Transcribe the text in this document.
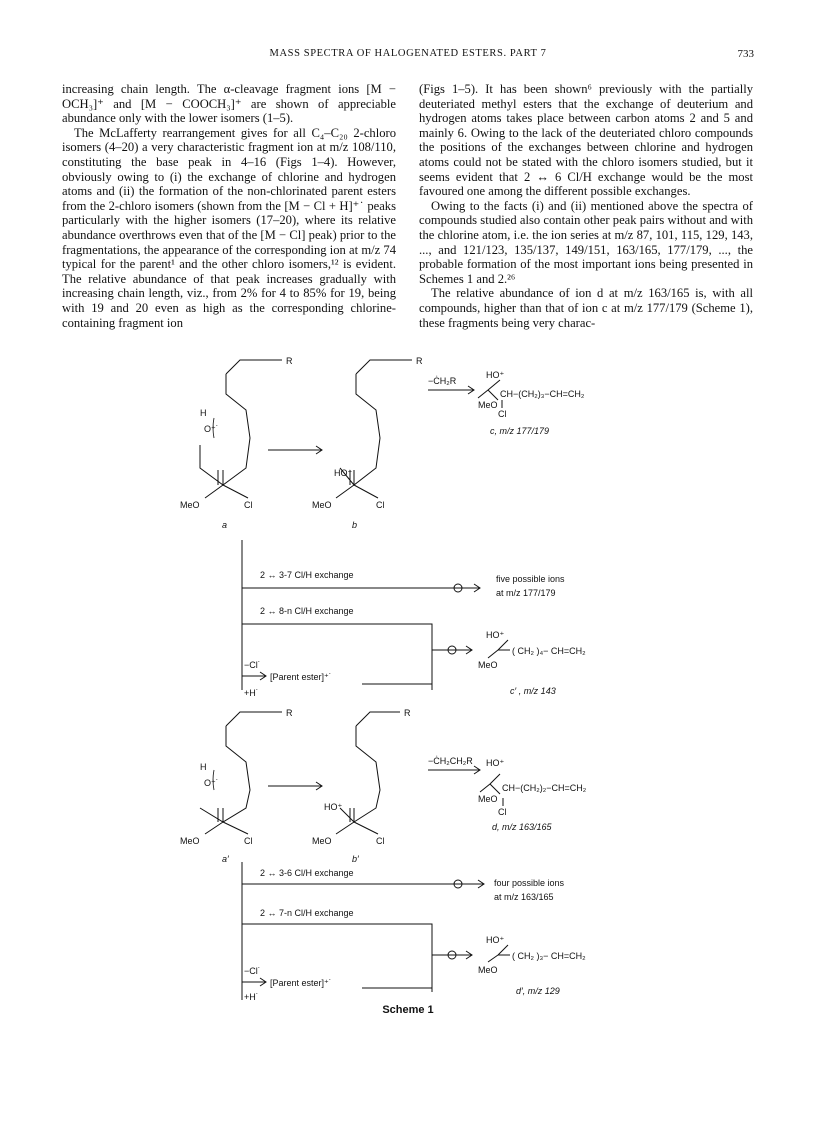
MASS SPECTRA OF HALOGENATED ESTERS. PART 7	733

increasing chain length. The α-cleavage fragment ions [M − OCH₃]⁺ and [M − COOCH₃]⁺ are shown of appreciable abundance only with the lower isomers (1–5).

The McLafferty rearrangement gives for all C₄–C₂₀ 2-chloro isomers (4–20) a very characteristic fragment ion at m/z 108/110, constituting the base peak in 4–16 (Figs 1–4). However, obviously owing to (i) the exchange of chlorine and hydrogen atoms and (ii) the formation of the non-chlorinated parent esters from the 2-chloro isomers (shown from the [M − Cl + H]⁺˙ peaks particularly with the higher isomers (17–20), where its relative abundance overthrows even that of the [M − Cl] peak) prior to the fragmentations, the appearance of the corresponding ion at m/z 74 typical for the parent¹ and the other chloro isomers,¹² is evident. The relative abundance of that peak increases gradually with increasing chain length, viz., from 2% for 4 to 85% for 19, being with 19 and 20 even as high as the corresponding chlorine-containing fragment ion

(Figs 1–5). It has been shown⁶ previously with the partially deuteriated methyl esters that the exchange of deuterium and hydrogen atoms takes place between carbon atoms 2 and 5 and mainly 6. Owing to the lack of the deuteriated chloro compounds the positions of the exchanges between chlorine and hydrogen atoms could not be stated with the chloro isomers studied, but it seems evident that 2 ↔ 6 Cl/H exchange would be the most favoured one among the different possible exchanges.

Owing to the facts (i) and (ii) mentioned above the spectra of compounds studied also contain other peak pairs without and with the chlorine atom, i.e. the ion series at m/z 87, 101, 115, 129, 143, ..., and 121/123, 135/137, 149/151, 163/165, 177/179, ..., the probable formation of the most important ions being presented in Schemes 1 and 2.²⁶

The relative abundance of ion d at m/z 163/165 is, with all compounds, higher than that of ion c at m/z 177/179 (Scheme 1), these fragments being very charac-

R
H
O⁺˙
MeO	Cl
a
R
HO⁺
MeO	Cl
b
−ĊH₂R
HO⁺
CH−(CH₂)₃−CH=CH₂
MeO
Cl
c, m/z 177/179
2 ↔ 3-7 Cl/H exchange	five possible ions
at m/z 177/179
2 ↔ 8-n Cl/H exchange
HO⁺
( CH₂ )₄− CH=CH₂
MeO
−Cl˙
[Parent ester]⁺˙
+H˙	c′ , m/z 143
R
H
O⁺˙
MeO	Cl
a′
R
HO⁺
MeO	Cl
b′
−ĊH₂CH₂R HO⁺
CH−(CH₂)₂−CH=CH₂
MeO
Cl
d, m/z 163/165
2 ↔ 3-6 Cl/H exchange
four possible ions
at m/z 163/165
2 ↔ 7-n Cl/H exchange
HO⁺
( CH₂ )₃− CH=CH₂
MeO
−Cl˙
[Parent ester]⁺˙
+H˙
d′, m/z 129
Scheme 1
